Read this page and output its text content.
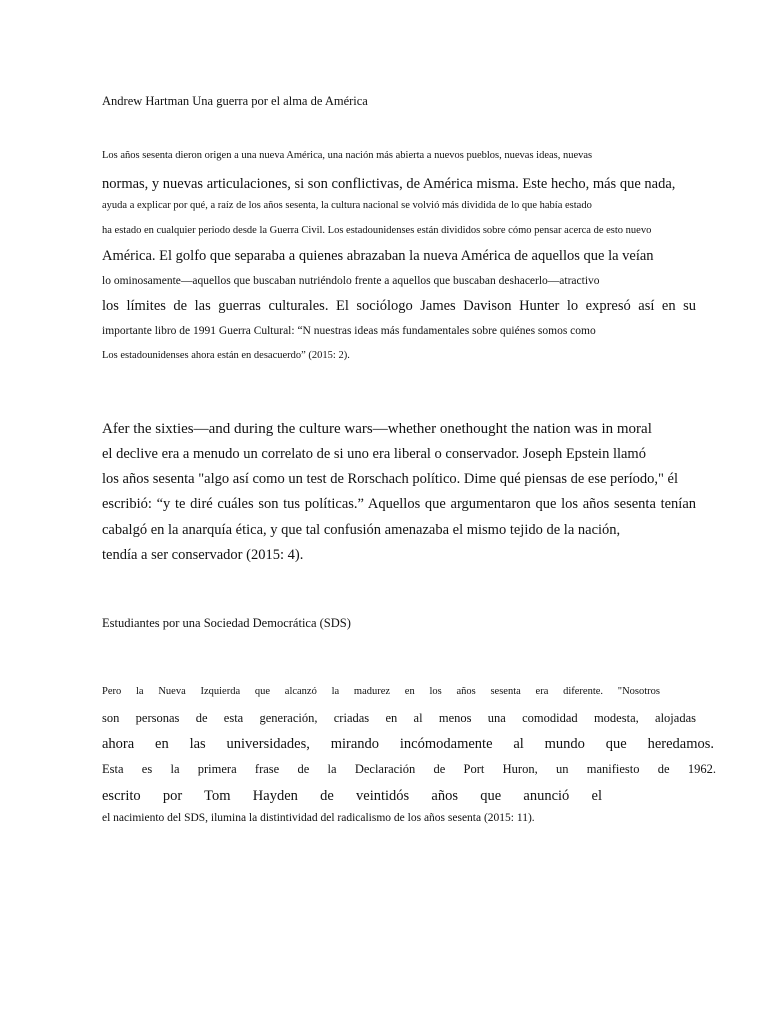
Andrew Hartman Una guerra por el alma de América
Los años sesenta dieron origen a una nueva América, una nación más abierta a nuevos pueblos, nuevas ideas, nuevas
normas, y nuevas articulaciones, si son conflictivas, de América misma. Este hecho, más que nada,
ayuda a explicar por qué, a raíz de los años sesenta, la cultura nacional se volvió más dividida de lo que había estado
ha estado en cualquier periodo desde la Guerra Civil. Los estadounidenses están divididos sobre cómo pensar acerca de esto nuevo
América. El golfo que separaba a quienes abrazaban la nueva América de aquellos que la veían
lo ominosamente—aquellos que buscaban nutriéndolo frente a aquellos que buscaban deshacerlo—atractivo
los límites de las guerras culturales. El sociólogo James Davison Hunter lo expresó así en su
importante libro de 1991 Guerra Cultural: “N nuestras ideas más fundamentales sobre quiénes somos como
Los estadounidenses ahora están en desacuerdo” (2015: 2).
Afer the sixties—and during the culture wars—whether onethought the nation was in moral
el declive era a menudo un correlato de si uno era liberal o conservador. Joseph Epstein llamó
los años sesenta "algo así como un test de Rorschach político. Dime qué piensas de ese período," él
escribió: “y te diré cuáles son tus políticas.” Aquellos que argumentaron que los años sesenta tenían
cabalgó en la anarquía ética, y que tal confusión amenazaba el mismo tejido de la nación,
tendía a ser conservador (2015: 4).
Estudiantes por una Sociedad Democrática (SDS)
Pero la Nueva Izquierda que alcanzó la madurez en los años sesenta era diferente. "Nosotros
son personas de esta generación, criadas en al menos una comodidad modesta, alojadas
ahora en las universidades, mirando incómodamente al mundo que heredamos.
Esta es la primera frase de la Declaración de Port Huron, un manifiesto de 1962.
escrito por Tom Hayden de veintidós años que anunció el
el nacimiento del SDS, ilumina la distintividad del radicalismo de los años sesenta (2015: 11).
